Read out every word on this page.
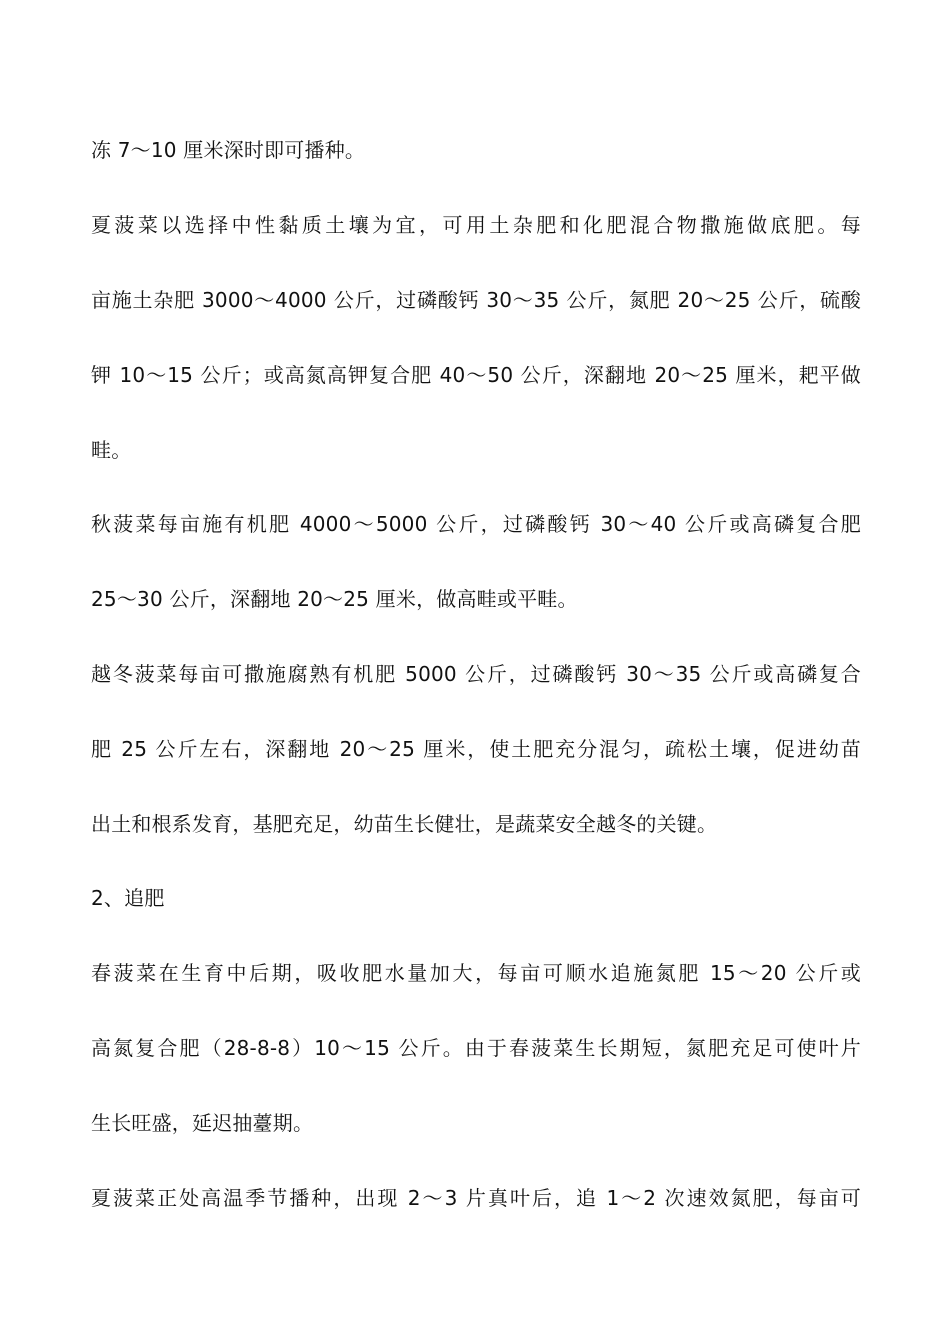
冻 7～10 厘米深时即可播种。
夏菠菜以选择中性黏质土壤为宜，可用土杂肥和化肥混合物撒施做底肥。每
亩施土杂肥 3000～4000 公斤，过磷酸钙 30～35 公斤，氮肥 20～25 公斤，硫酸
钾 10～15 公斤；或高氮高钾复合肥 40～50 公斤，深翻地 20～25 厘米，耙平做
畦。
秋菠菜每亩施有机肥 4000～5000 公斤，过磷酸钙 30～40 公斤或高磷复合肥
25～30 公斤，深翻地 20～25 厘米，做高畦或平畦。
越冬菠菜每亩可撒施腐熟有机肥 5000 公斤，过磷酸钙 30～35 公斤或高磷复合
肥 25 公斤左右，深翻地 20～25 厘米，使土肥充分混匀，疏松土壤，促进幼苗
出土和根系发育，基肥充足，幼苗生长健壮，是蔬菜安全越冬的关键。
2、追肥
春菠菜在生育中后期，吸收肥水量加大，每亩可顺水追施氮肥 15～20 公斤或
高氮复合肥（28-8-8）10～15 公斤。由于春菠菜生长期短，氮肥充足可使叶片
生长旺盛，延迟抽薹期。
夏菠菜正处高温季节播种，出现 2～3 片真叶后，追 1～2 次速效氮肥，每亩可
